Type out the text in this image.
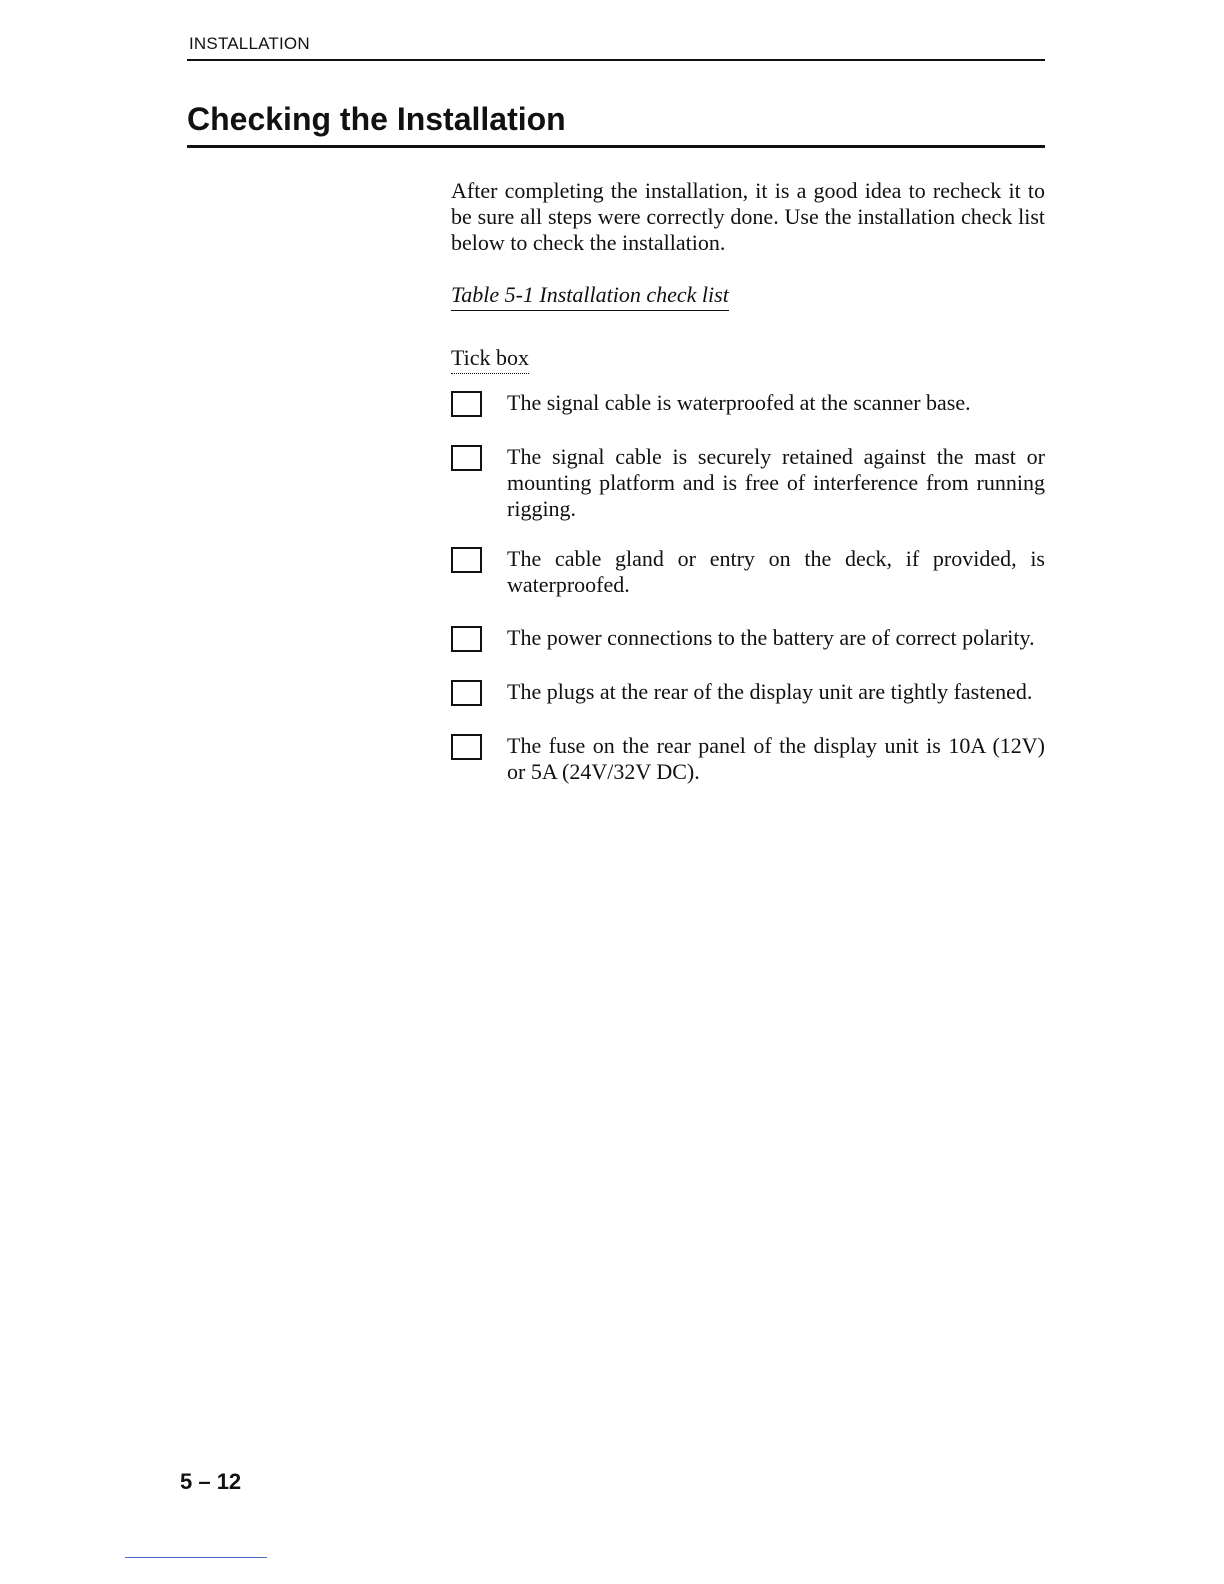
INSTALLATION
Checking the Installation

After completing the installation, it is a good idea to recheck it to be sure all steps were correctly done. Use the installation check list below to check the installation.

Table 5-1 Installation check list
Tick box
The signal cable is waterproofed at the scanner base.
The signal cable is securely retained against the mast or mounting platform and is free of interference from running rigging.
The cable gland or entry on the deck, if provided, is waterproofed.
The power connections to the battery are of correct polarity.
The plugs at the rear of the display unit are tightly fastened.
The fuse on the rear panel of the display unit is 10A (12V) or 5A (24V/32V DC).
5 – 12
